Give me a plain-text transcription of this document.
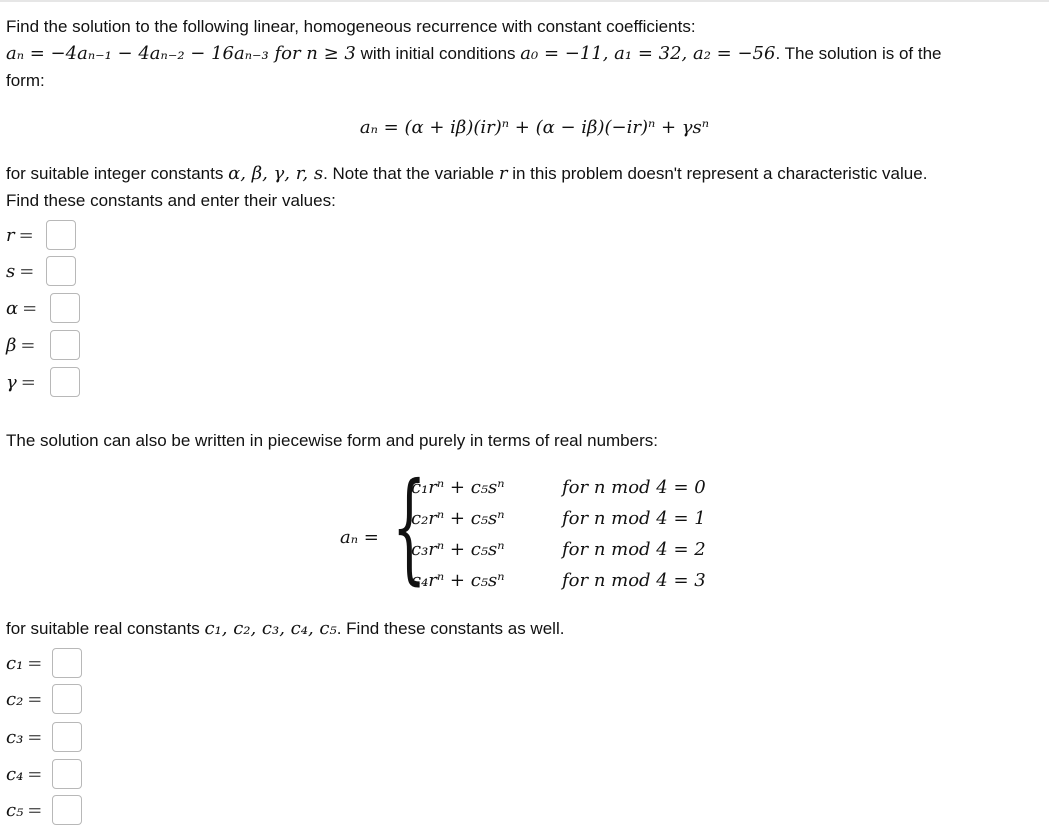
Find the solution to the following linear, homogeneous recurrence with constant coefficients:
aₙ = −4aₙ₋₁ − 4aₙ₋₂ − 16aₙ₋₃ for n ≥ 3 with initial conditions a₀ = −11, a₁ = 32, a₂ = −56. The solution is of the
form:
aₙ = (α + iβ)(ir)ⁿ + (α − iβ)(−ir)ⁿ + γsⁿ
for suitable integer constants α, β, γ, r, s. Note that the variable r in this problem doesn't represent a characteristic value.
Find these constants and enter their values:
r =
s =
α =
β =
γ =
The solution can also be written in piecewise form and purely in terms of real numbers:
aₙ = {
c₁rⁿ + c₅sⁿ	for n mod 4 = 0
c₂rⁿ + c₅sⁿ	for n mod 4 = 1
c₃rⁿ + c₅sⁿ	for n mod 4 = 2
c₄rⁿ + c₅sⁿ	for n mod 4 = 3
for suitable real constants c₁, c₂, c₃, c₄, c₅. Find these constants as well.
c₁ =
c₂ =
c₃ =
c₄ =
c₅ =
